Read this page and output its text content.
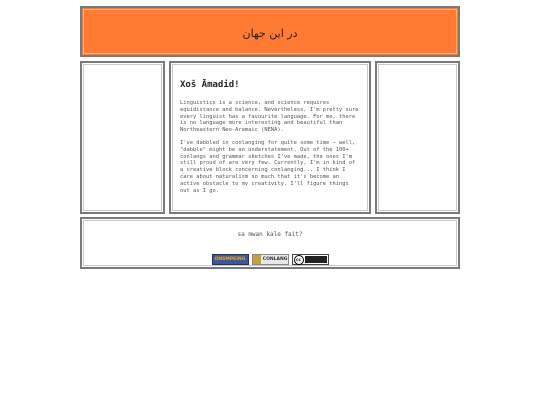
در این جهان
Xoš Āmadid!

Linguistics is a science, and science requires equidistance and balance. Nevertheless, I'm pretty sure every linguist has a favourite language. For me, there is no language more interesting and beautiful than Northeastern Neo-Aramaic (NENA).

I've dabbled in conlanging for quite some time – well, "dabble" might be an understatement. Out of the 100+ conlangs and grammar sketches I've made, the ones I'm still proud of are very few. Currently, I'm in kind of a creative block concerning conlanging... I think I care about naturalism so much that it's become an active obstacle to my creativity. I'll figure things out as I go.

sa mwan kale fait?
ONSMPEING	CONLANG	cc
